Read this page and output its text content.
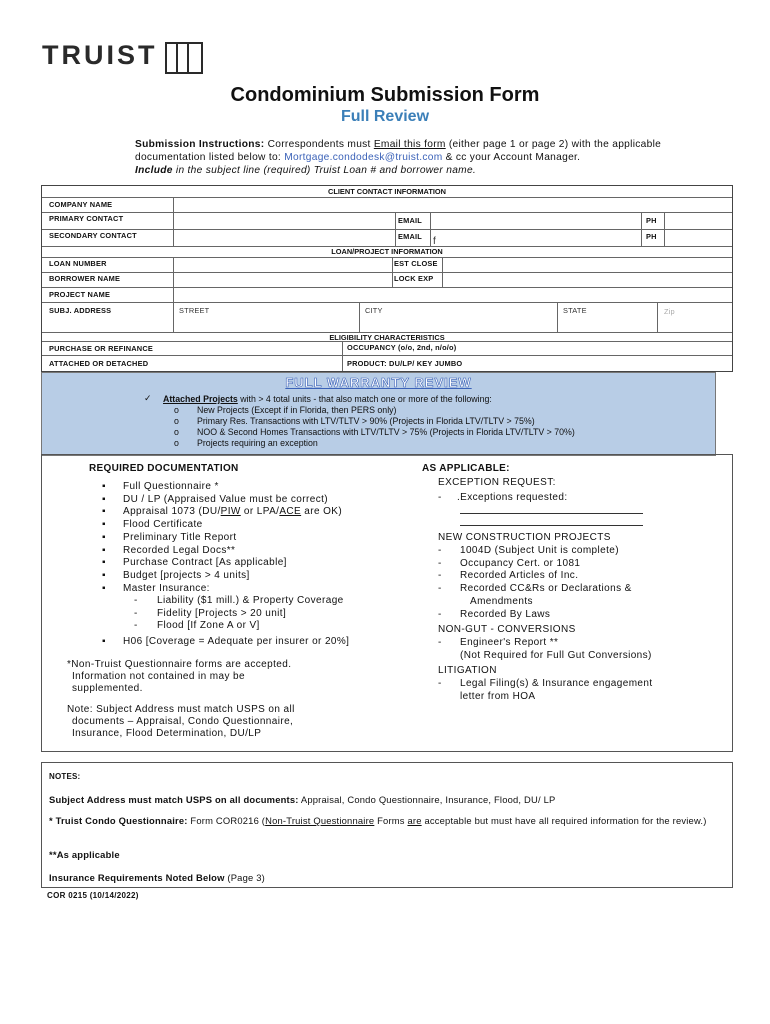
TRUIST
Condominium Submission Form
Full Review
Submission Instructions: Correspondents must Email this form (either page 1 or page 2) with the applicable documentation listed below to: Mortgage.condodesk@truist.com & cc your Account Manager.
Include in the subject line (required) Truist Loan # and borrower name.
CLIENT CONTACT INFORMATION
COMPANY NAME
PRIMARY CONTACT	EMAIL	PH
SECONDARY CONTACT	EMAIL	PH
f
LOAN/PROJECT INFORMATION
LOAN NUMBER	EST CLOSE
BORROWER NAME	LOCK EXP
PROJECT NAME
SUBJ. ADDRESS	STREET	CITY	STATE	Zip
ELIGIBILITY CHARACTERISTICS
PURCHASE OR REFINANCE	OCCUPANCY (o/o, 2nd, n/o/o)
ATTACHED OR DETACHED	PRODUCT: DU/LP/ KEY JUMBO
FULL WARRANTY REVIEW
✓ Attached Projects with > 4 total units - that also match one or more of the following:
o New Projects (Except if in Florida, then PERS only)
o Primary Res. Transactions with LTV/TLTV > 90% (Projects in Florida LTV/TLTV > 75%)
o NOO & Second Homes Transactions with LTV/TLTV > 75% (Projects in Florida LTV/TLTV > 70%)
o Projects requiring an exception
REQUIRED DOCUMENTATION
▪
▪
▪
▪
▪
▪
▪
▪
▪
Full Questionnaire *
DU / LP (Appraised Value must be correct)
Appraisal 1073 (DU/PIW or LPA/ACE are OK)
Flood Certificate
Preliminary Title Report
Recorded Legal Docs**
Purchase Contract [As applicable]
Budget [projects > 4 units]
Master Insurance:
-
-
-
Liability ($1 mill.) & Property Coverage
Fidelity [Projects > 20 unit]
Flood [If Zone A or V]
▪ H06 [Coverage = Adequate per insurer or 20%]
*Non-Truist Questionnaire forms are accepted.
Information not contained in may be
supplemented.
Note: Subject Address must match USPS on all
documents – Appraisal, Condo Questionnaire,
Insurance, Flood Determination, DU/LP
AS APPLICABLE:
EXCEPTION REQUEST:
- .Exceptions requested:
NEW CONSTRUCTION PROJECTS
-
-
-
-

-
1004D (Subject Unit is complete)
Occupancy Cert. or 1081
Recorded Articles of Inc.
Recorded CC&Rs or Declarations &
Amendments
Recorded By Laws
NON-GUT - CONVERSIONS
- Engineer's Report **
(Not Required for Full Gut Conversions)
LITIGATION
- Legal Filing(s) & Insurance engagement
letter from HOA
NOTES:
Subject Address must match USPS on all documents: Appraisal, Condo Questionnaire, Insurance, Flood, DU/ LP
* Truist Condo Questionnaire: Form COR0216 (Non-Truist Questionnaire Forms are acceptable but must have all required information for the review.)
**As applicable
Insurance Requirements Noted Below (Page 3)
COR 0215 (10/14/2022)
